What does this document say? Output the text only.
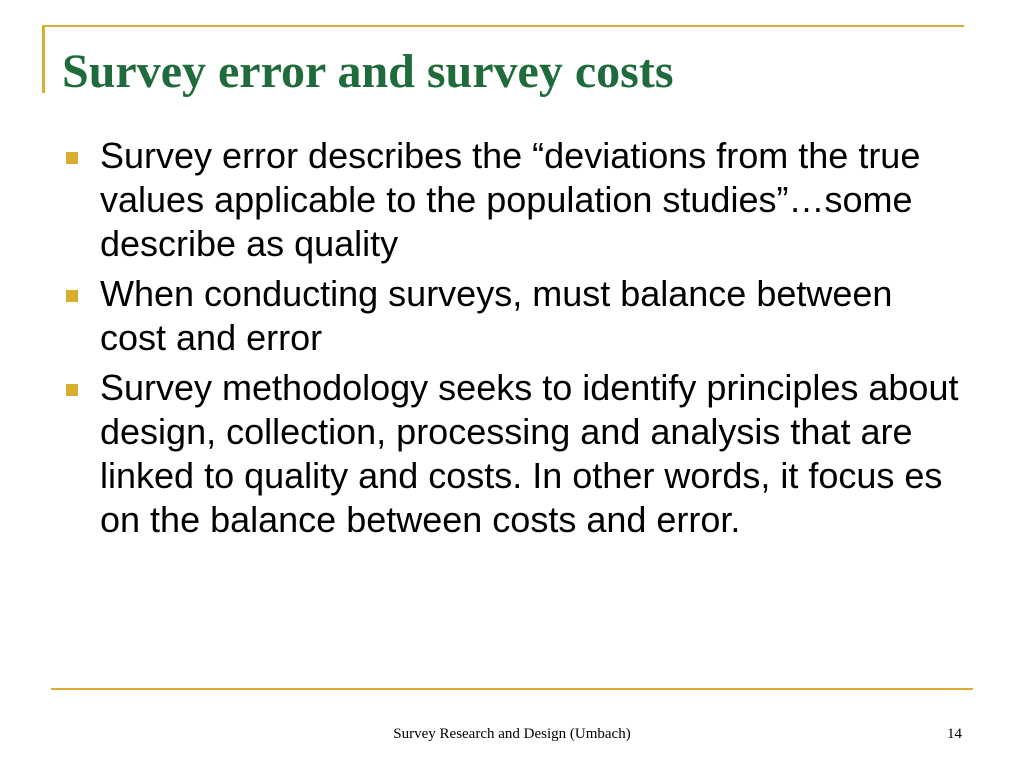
Survey error and survey costs
Survey error describes the “deviations from the true values applicable to the population studies”…some describe as quality
When conducting surveys, must balance between cost and error
Survey methodology seeks to identify principles about design, collection, processing and analysis that are linked to quality and costs. In other words, it focus es on the balance between costs and error.
Survey Research and Design (Umbach)	14
